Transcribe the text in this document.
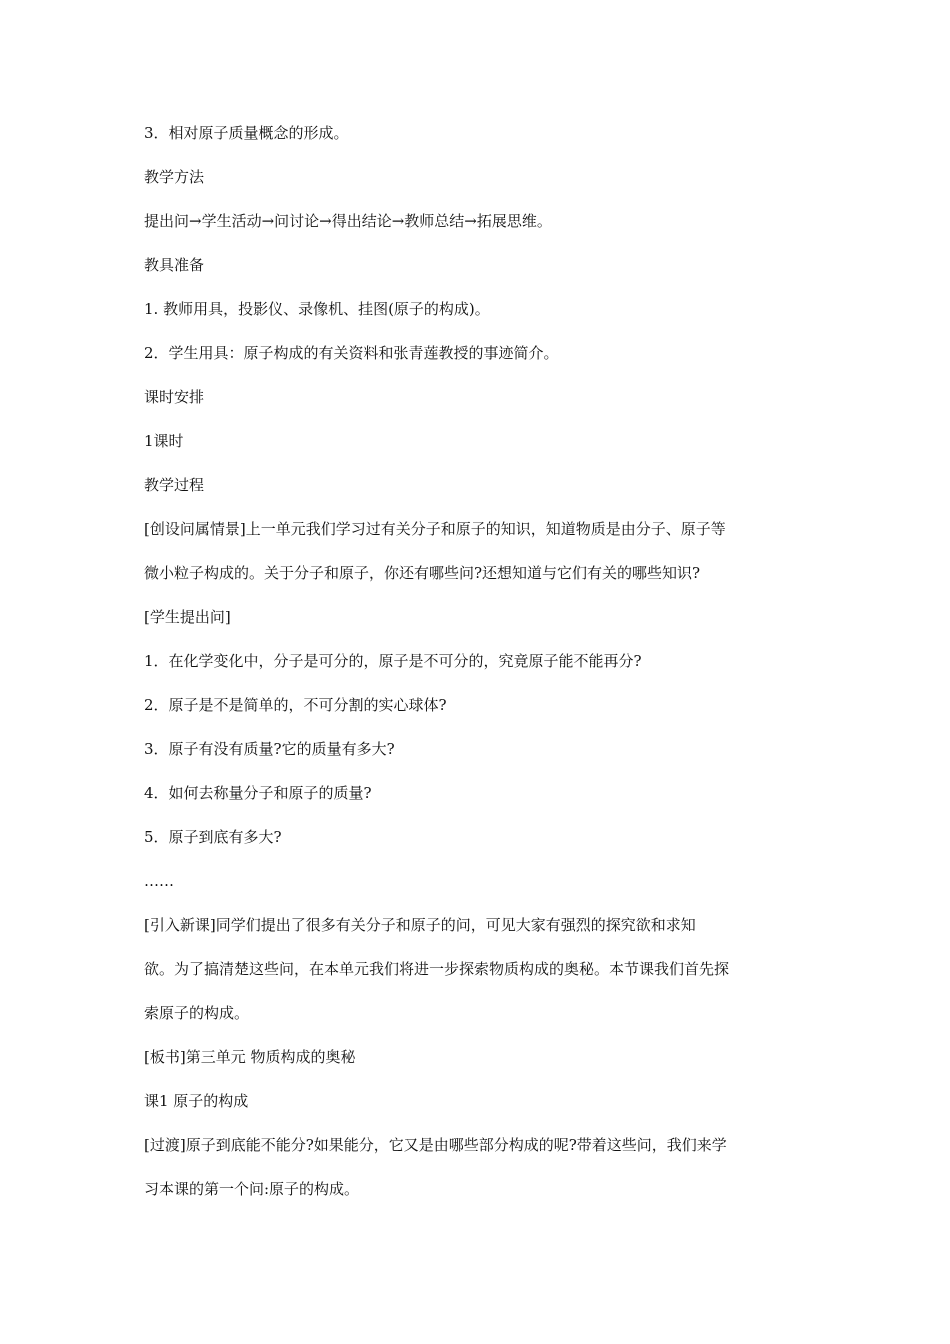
3．相对原子质量概念的形成。

教学方法

提出问→学生活动→问讨论→得出结论→教师总结→拓展思维。

教具准备

1. 教师用具，投影仪、录像机、挂图(原子的构成)。

2．学生用具：原子构成的有关资料和张青莲教授的事迹简介。

课时安排

1课时

教学过程

[创设问属情景]上一单元我们学习过有关分子和原子的知识，知道物质是由分子、原子等

微小粒子构成的。关于分子和原子，你还有哪些问?还想知道与它们有关的哪些知识?

[学生提出问]

1．在化学变化中，分子是可分的，原子是不可分的，究竟原子能不能再分?

2．原子是不是简单的，不可分割的实心球体?

3．原子有没有质量?它的质量有多大?

4．如何去称量分子和原子的质量?

5．原子到底有多大?

……

[引入新课]同学们提出了很多有关分子和原子的问，可见大家有强烈的探究欲和求知

欲。为了搞清楚这些问，在本单元我们将进一步探索物质构成的奥秘。本节课我们首先探

索原子的构成。

[板书]第三单元 物质构成的奥秘

课1 原子的构成

[过渡]原子到底能不能分?如果能分，它又是由哪些部分构成的呢?带着这些问，我们来学

习本课的第一个问:原子的构成。
